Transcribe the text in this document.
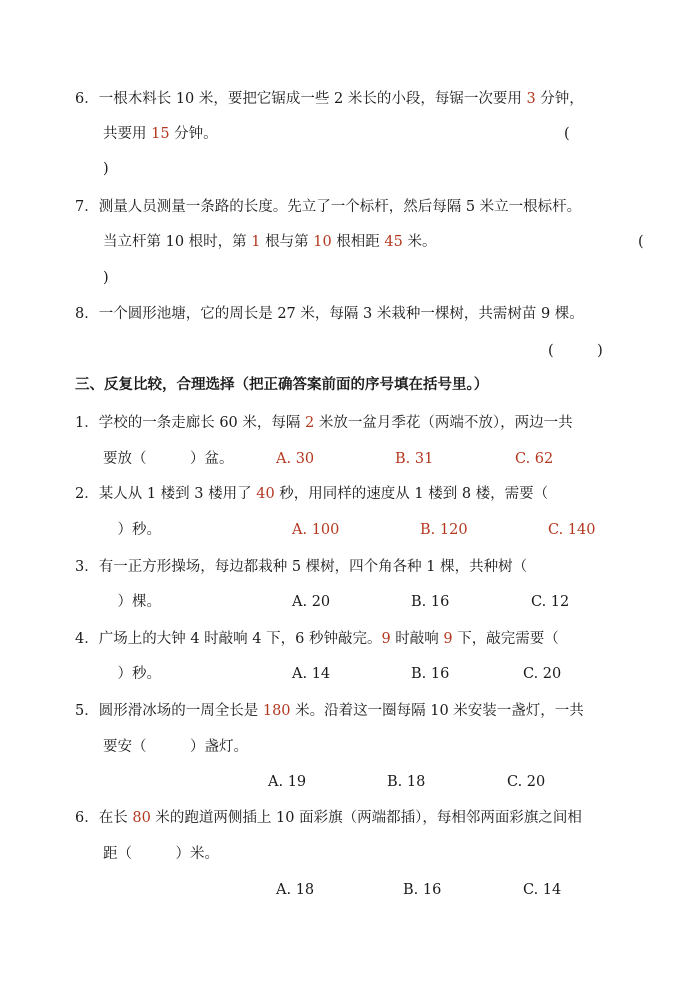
6．一根木料长 10 米，要把它锯成一些 2 米长的小段，每锯一次要用 3 分钟，
共要用 15 分钟。	(
)
7．测量人员测量一条路的长度。先立了一个标杆，然后每隔 5 米立一根标杆。
当立杆第 10 根时，第 1 根与第 10 根相距 45 米。	(
)
8．一个圆形池塘，它的周长是 27 米，每隔 3 米栽种一棵树，共需树苗 9 棵。
(　　　)
三、反复比较，合理选择（把正确答案前面的序号填在括号里。）
1．学校的一条走廊长 60 米，每隔 2 米放一盆月季花（两端不放），两边一共
要放（　　　）盆。	A. 30	B. 31	C. 62
2．某人从 1 楼到 3 楼用了 40 秒，用同样的速度从 1 楼到 8 楼，需要（
　）秒。	A. 100	B. 120	C. 140
3．有一正方形操场，每边都栽种 5 棵树，四个角各种 1 棵，共种树（
　）棵。	A. 20	B. 16	C. 12
4．广场上的大钟 4 时敲响 4 下，6 秒钟敲完。9 时敲响 9 下，敲完需要（
　）秒。	A. 14	B. 16	C. 20
5．圆形滑冰场的一周全长是 180 米。沿着这一圈每隔 10 米安装一盏灯，一共
要安（　　　）盏灯。
A. 19	B. 18	C. 20
6．在长 80 米的跑道两侧插上 10 面彩旗（两端都插），每相邻两面彩旗之间相
距（　　　）米。
A. 18	B. 16	C. 14
